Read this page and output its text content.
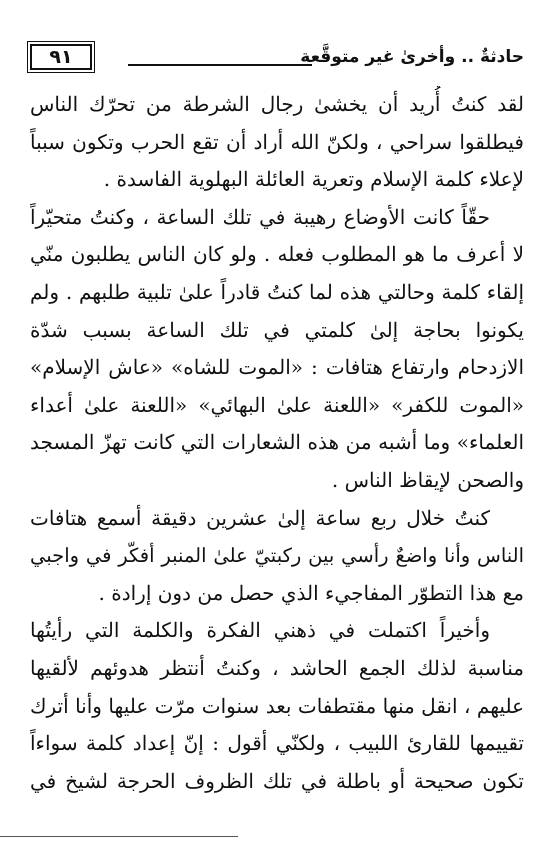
٩١	حادثةٌ .. وأخرىٰ غير متوقَّعة
لقد كنتُ أُريد أن يخشىٰ رجال الشرطة من تحرّك الناس
فيطلقوا سراحي ، ولكنّ الله أراد أن تقع الحرب وتكون سبباً
لإعلاء كلمة الإسلام وتعرية العائلة البهلوية الفاسدة .
حقّاً كانت الأوضاع رهيبة في تلك الساعة ، وكنتُ متحيّراً
لا أعرف ما هو المطلوب فعله . ولو كان الناس يطلبون منّي
إلقاء كلمة وحالتي هذه لما كنتُ قادراً علىٰ تلبية طلبهم . ولم
يكونوا بحاجة إلىٰ كلمتي في تلك الساعة بسبب شدّة
الازدحام وارتفاع هتافات : «الموت للشاه» «عاش الإسلام»
«الموت للكفر» «اللعنة علىٰ البهائي» «اللعنة علىٰ أعداء
العلماء» وما أشبه من هذه الشعارات التي كانت تهزّ المسجد
والصحن لإيقاظ الناس .
كنتُ خلال ربع ساعة إلىٰ عشرين دقيقة أسمع هتافات
الناس وأنا واضعٌ رأسي بين ركبتيّ علىٰ المنبر أفكّر في واجبي
مع هذا التطوّر المفاجيء الذي حصل من دون إرادة .
وأخيراً اكتملت في ذهني الفكرة والكلمة التي رأيتُها
مناسبة لذلك الجمع الحاشد ، وكنتُ أنتظر هدوئهم لألقيها
عليهم ، انقل منها مقتطفات بعد سنوات مرّت عليها وأنا أترك
تقييمها للقارئ اللبيب ، ولكنّي أقول : إنّ إعداد كلمة سواءاً
تكون صحيحة أو باطلة في تلك الظروف الحرجة لشيخ في
